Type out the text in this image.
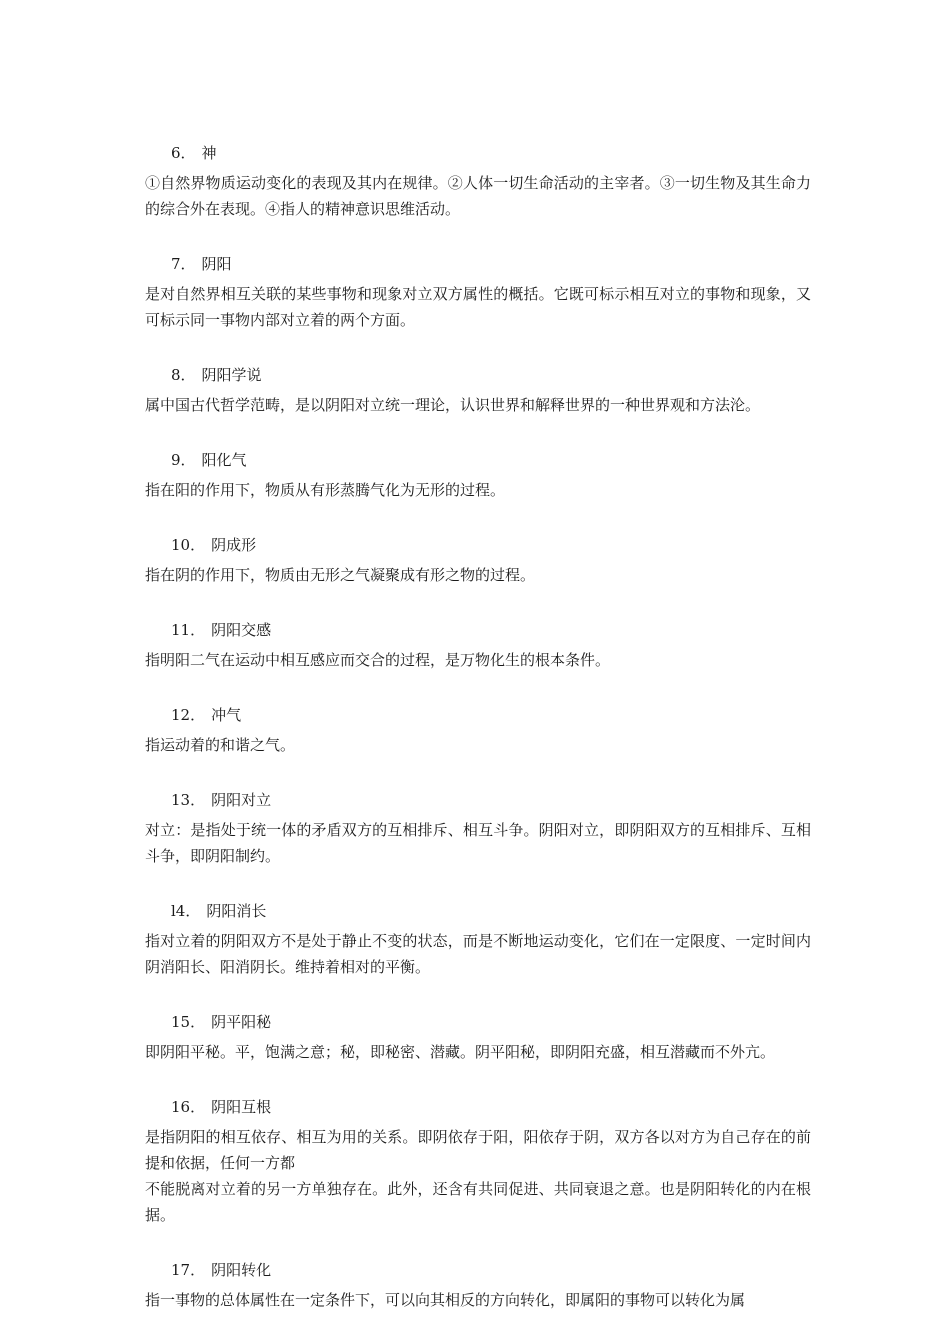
6． 神

①自然界物质运动变化的表现及其内在规律。②人体一切生命活动的主宰者。③一切生物及其生命力的综合外在表现。④指人的精神意识思维活动。

7． 阴阳

是对自然界相互关联的某些事物和现象对立双方属性的概括。它既可标示相互对立的事物和现象，又可标示同一事物内部对立着的两个方面。

8． 阴阳学说

属中国古代哲学范畴，是以阴阳对立统一理论，认识世界和解释世界的一种世界观和方法沦。

9． 阳化气

指在阳的作用下，物质从有形蒸腾气化为无形的过程。

10． 阴成形

指在阴的作用下，物质由无形之气凝聚成有形之物的过程。

11． 阴阳交感

指明阳二气在运动中相互感应而交合的过程，是万物化生的根本条件。

12． 冲气

指运动着的和谐之气。

13． 阴阳对立

对立：是指处于统一体的矛盾双方的互相排斥、相互斗争。阴阳对立，即阴阳双方的互相排斥、互相斗争，即阴阳制约。

l4． 阴阳消长

指对立着的阴阳双方不是处于静止不变的状态，而是不断地运动变化，它们在一定限度、一定时间内阴消阳长、阳消阴长。维持着相对的平衡。

15． 阴平阳秘

即阴阳平秘。平，饱满之意；秘，即秘密、潜藏。阴平阳秘，即阴阳充盛，相互潜藏而不外亢。

16． 阴阳互根

是指阴阳的相互依存、相互为用的关系。即阴依存于阳，阳依存于阴，双方各以对方为自己存在的前提和依据，任何一方都

不能脱离对立着的另一方单独存在。此外，还含有共同促进、共同衰退之意。也是阴阳转化的内在根据。

17． 阴阳转化

指一事物的总体属性在一定条件下，可以向其相反的方向转化，即属阳的事物可以转化为属
